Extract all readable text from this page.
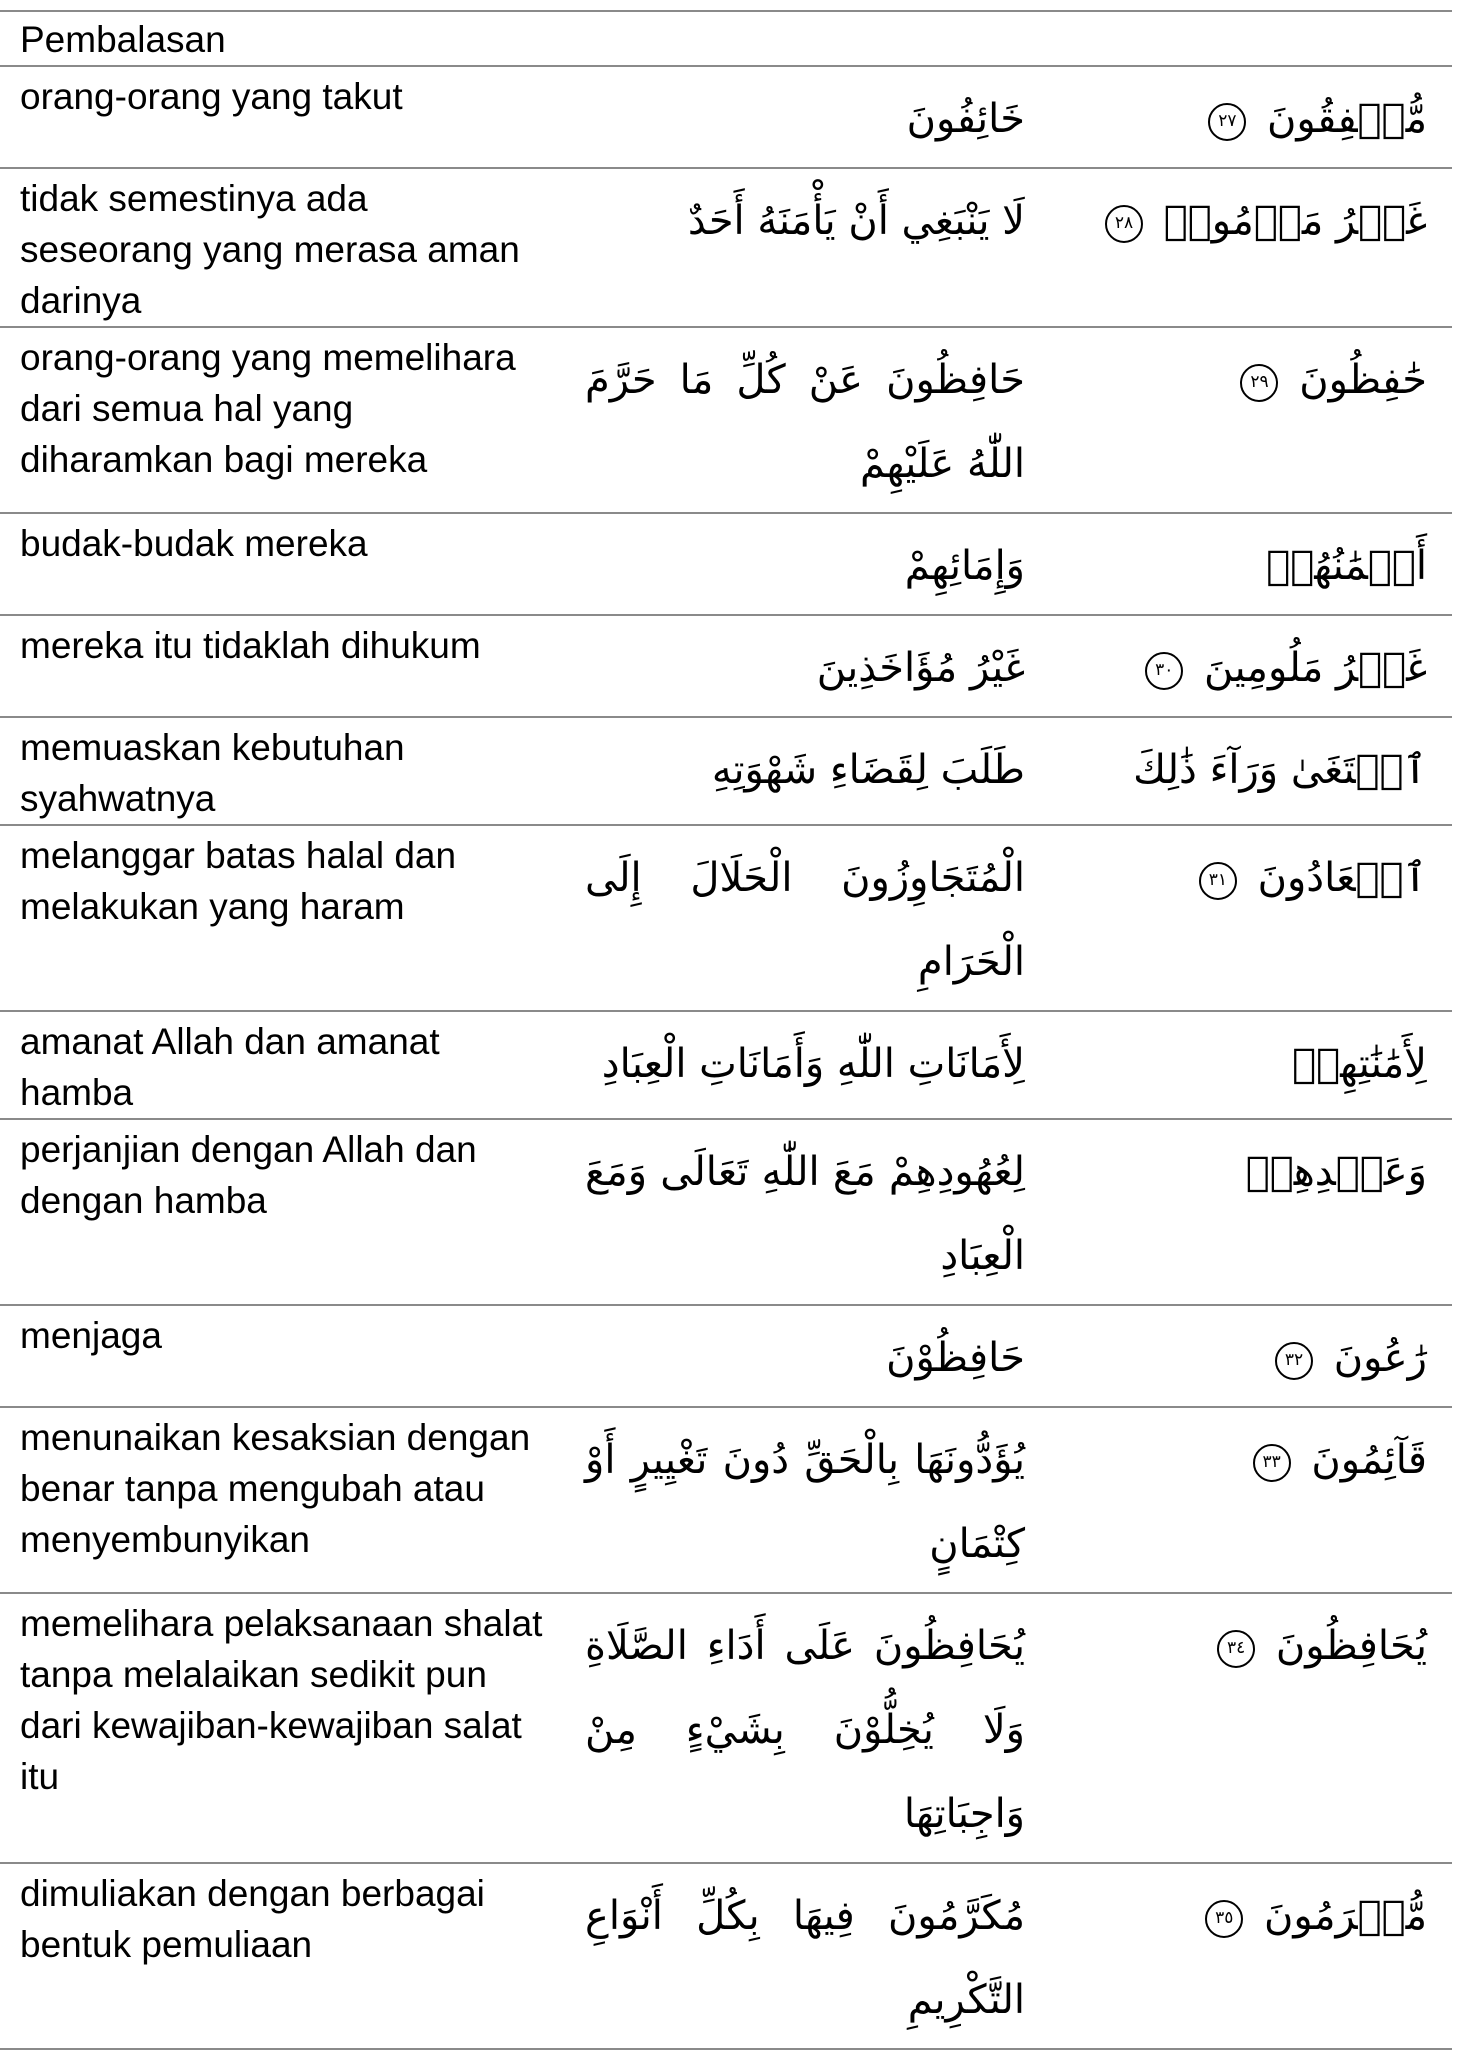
Pembalasan		
orang-orang yang takut	خَائِفُونَ	مُّشۡفِقُونَ ٢٧
tidak semestinya ada seseorang yang merasa aman darinya	لَا يَنْبَغِي أَنْ يَأْمَنَهُ أَحَدٌ	غَيۡرُ مَأۡمُونٖ ٢٨
orang-orang yang memelihara dari semua hal yang diharamkan bagi mereka	حَافِظُونَ عَنْ كُلِّ مَا حَرَّمَ اللّٰهُ عَلَيْهِمْ	حَٰفِظُونَ ٢٩
budak-budak mereka	وَإِمَائِهِمْ	أَيۡمَٰنُهُمۡ
mereka itu tidaklah dihukum	غَيْرُ مُؤَاخَذِينَ	غَيۡرُ مَلُومِينَ ٣٠
memuaskan kebutuhan syahwatnya	طَلَبَ لِقَضَاءِ شَهْوَتِهِ	ٱبۡتَغَىٰ وَرَآءَ ذَٰلِكَ
melanggar batas halal dan melakukan yang haram	الْمُتَجَاوِزُونَ الْحَلَالَ إِلَى الْحَرَامِ	ٱلۡعَادُونَ ٣١
amanat Allah dan amanat hamba	لِأَمَانَاتِ اللّٰهِ وَأَمَانَاتِ الْعِبَادِ	لِأَمَٰنَٰتِهِمۡ
perjanjian dengan Allah dan dengan hamba	لِعُهُودِهِمْ مَعَ اللّٰهِ تَعَالَى وَمَعَ الْعِبَادِ	وَعَهۡدِهِمۡ
menjaga	حَافِظُوْنَ	رَٰعُونَ ٣٢
menunaikan kesaksian dengan benar tanpa mengubah atau menyembunyikan	يُؤَدُّونَهَا بِالْحَقِّ دُونَ تَغْيِيرٍ أَوْ كِتْمَانٍ	قَآئِمُونَ ٣٣
memelihara pelaksanaan shalat tanpa melalaikan sedikit pun dari kewajiban-kewajiban salat itu	يُحَافِظُونَ عَلَى أَدَاءِ الصَّلَاةِ وَلَا يُخِلُّوْنَ بِشَيْءٍ مِنْ وَاجِبَاتِهَا	يُحَافِظُونَ ٣٤
dimuliakan dengan berbagai bentuk pemuliaan	مُكَرَّمُونَ فِيهَا بِكُلِّ أَنْوَاعِ التَّكْرِيمِ	مُّكۡرَمُونَ ٣٥
